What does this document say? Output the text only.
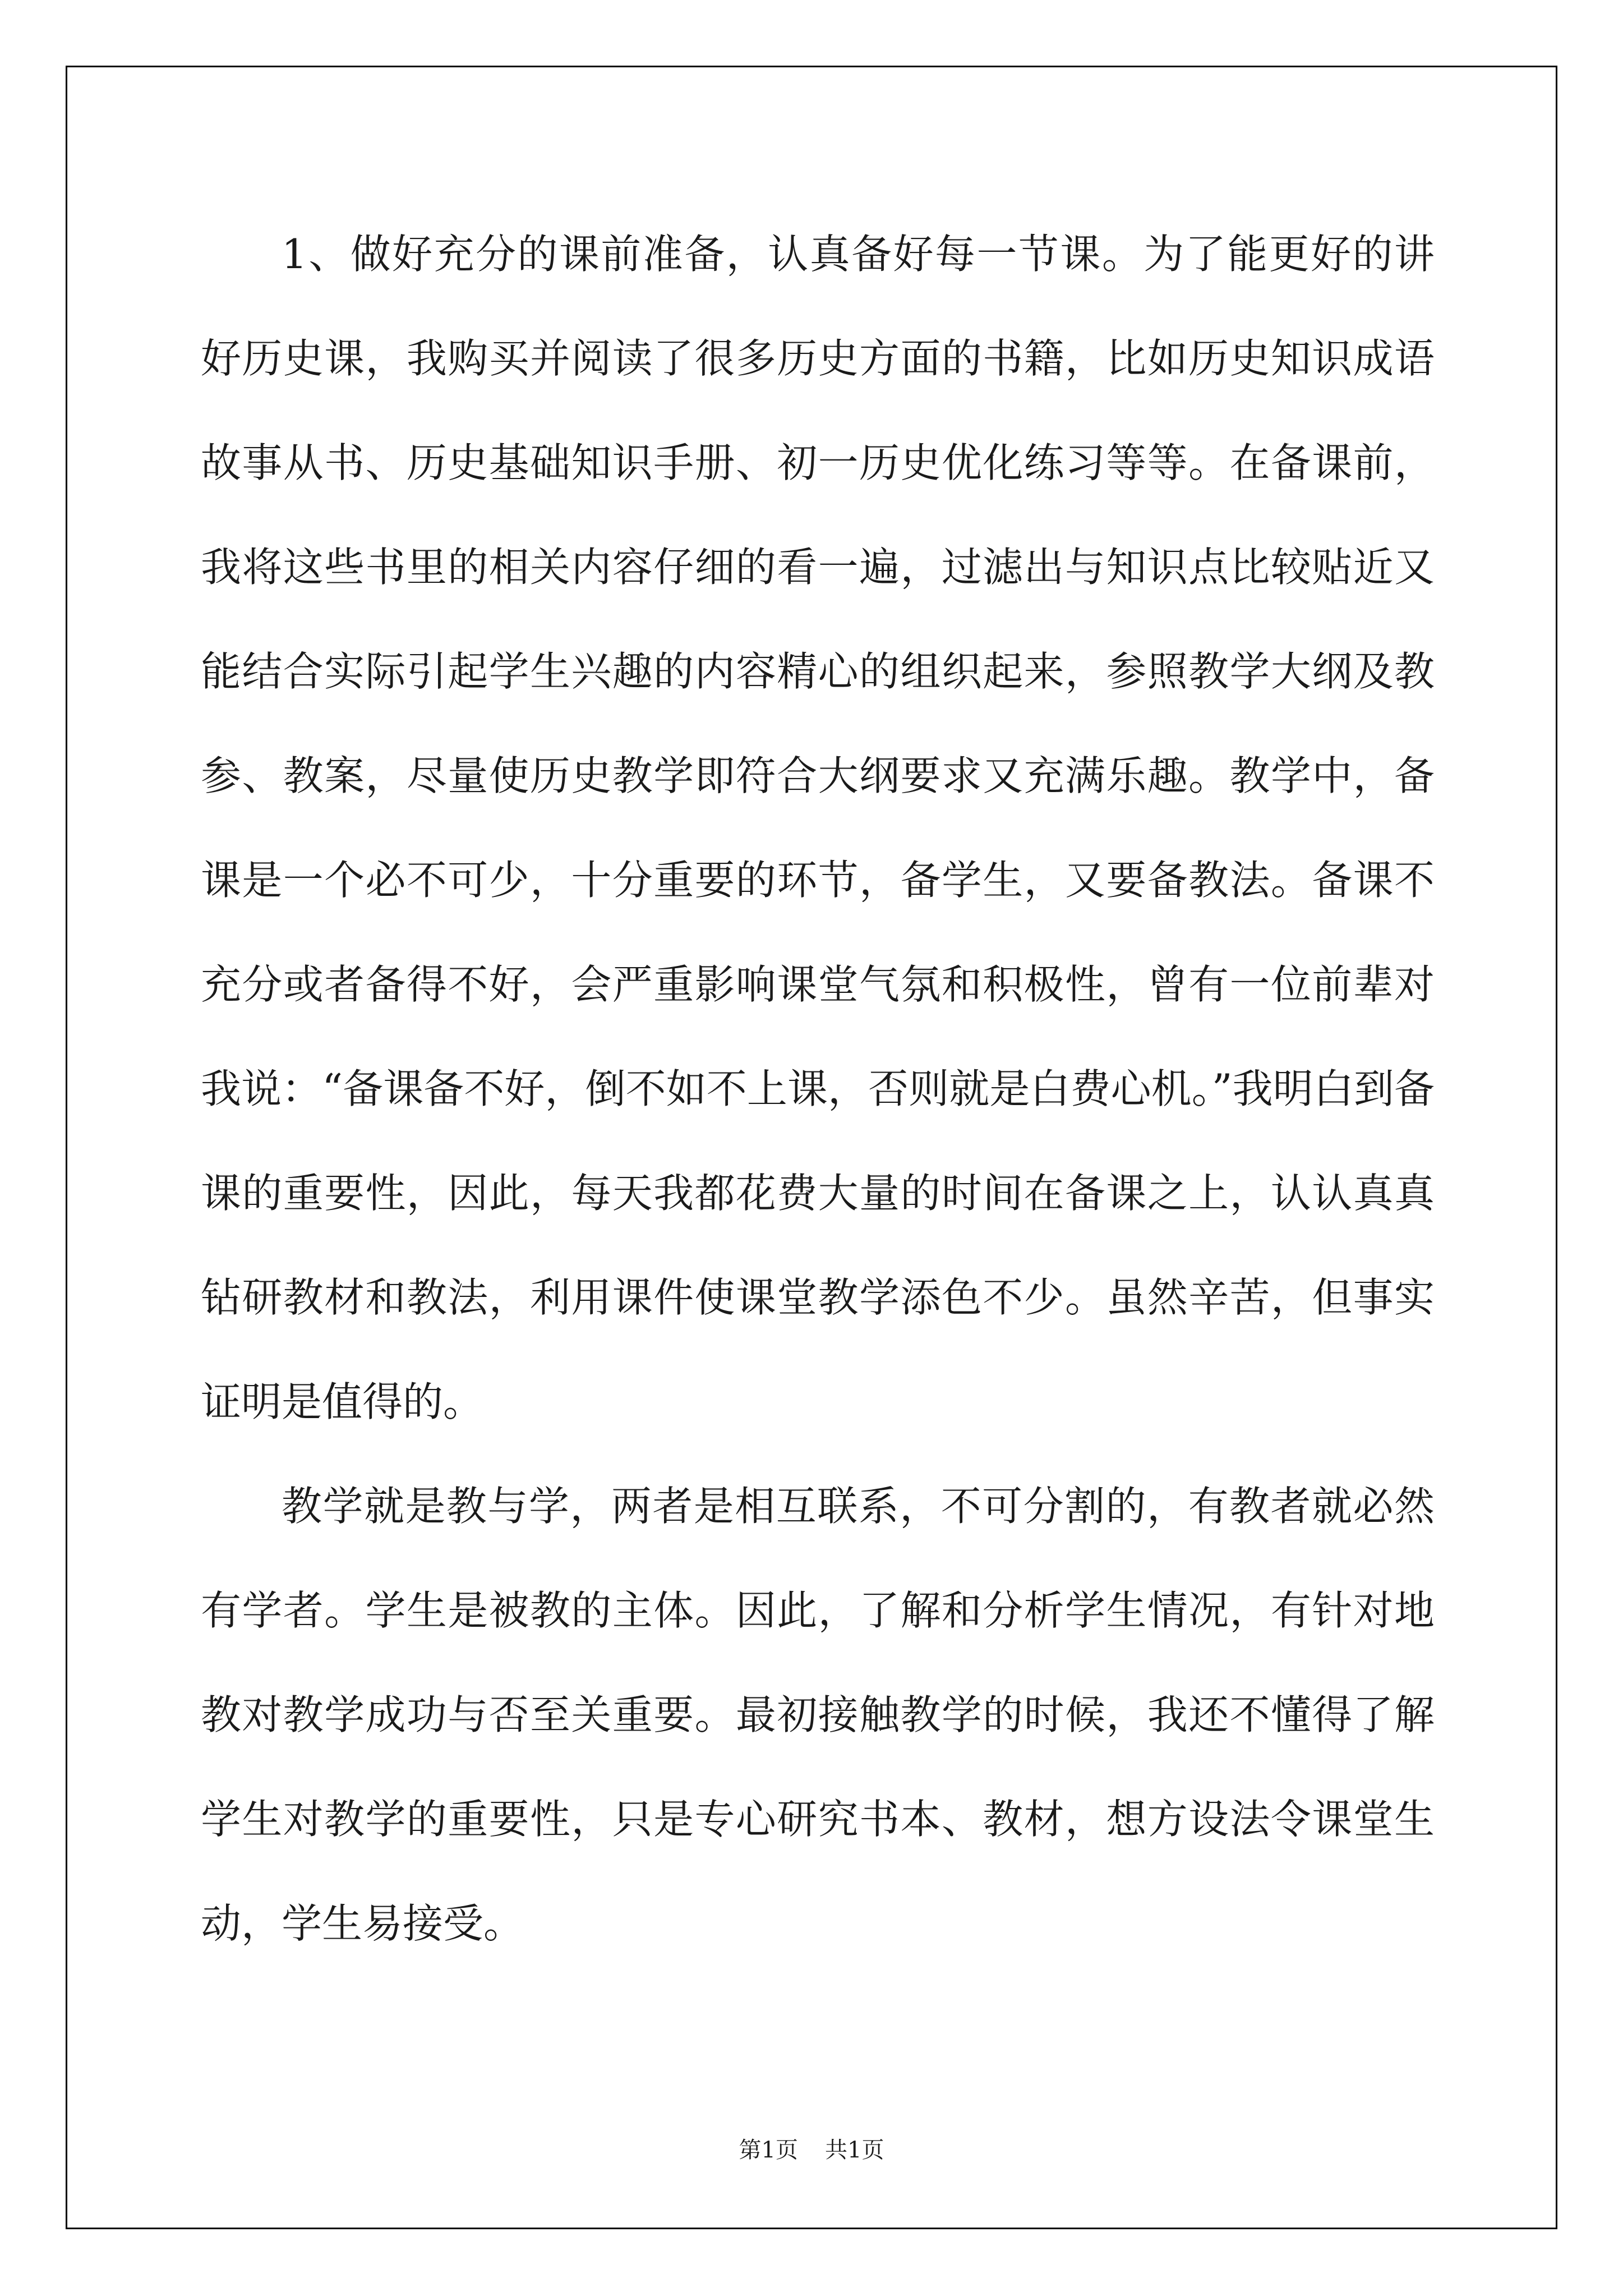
1、做好充分的课前准备，认真备好每一节课。为了能更好的讲好历史课，我购买并阅读了很多历史方面的书籍，比如历史知识成语故事从书、历史基础知识手册、初一历史优化练习等等。在备课前，我将这些书里的相关内容仔细的看一遍，过滤出与知识点比较贴近又能结合实际引起学生兴趣的内容精心的组织起来，参照教学大纲及教参、教案，尽量使历史教学即符合大纲要求又充满乐趣。教学中，备课是一个必不可少，十分重要的环节，备学生，又要备教法。备课不充分或者备得不好，会严重影响课堂气氛和积极性，曾有一位前辈对我说：“备课备不好，倒不如不上课，否则就是白费心机。”我明白到备课的重要性，因此，每天我都花费大量的时间在备课之上，认认真真钻研教材和教法，利用课件使课堂教学添色不少。虽然辛苦，但事实证明是值得的。

教学就是教与学，两者是相互联系，不可分割的，有教者就必然有学者。学生是被教的主体。因此，了解和分析学生情况，有针对地教对教学成功与否至关重要。最初接触教学的时候，我还不懂得了解学生对教学的重要性，只是专心研究书本、教材，想方设法令课堂生动，学生易接受。

第1页 共1页
